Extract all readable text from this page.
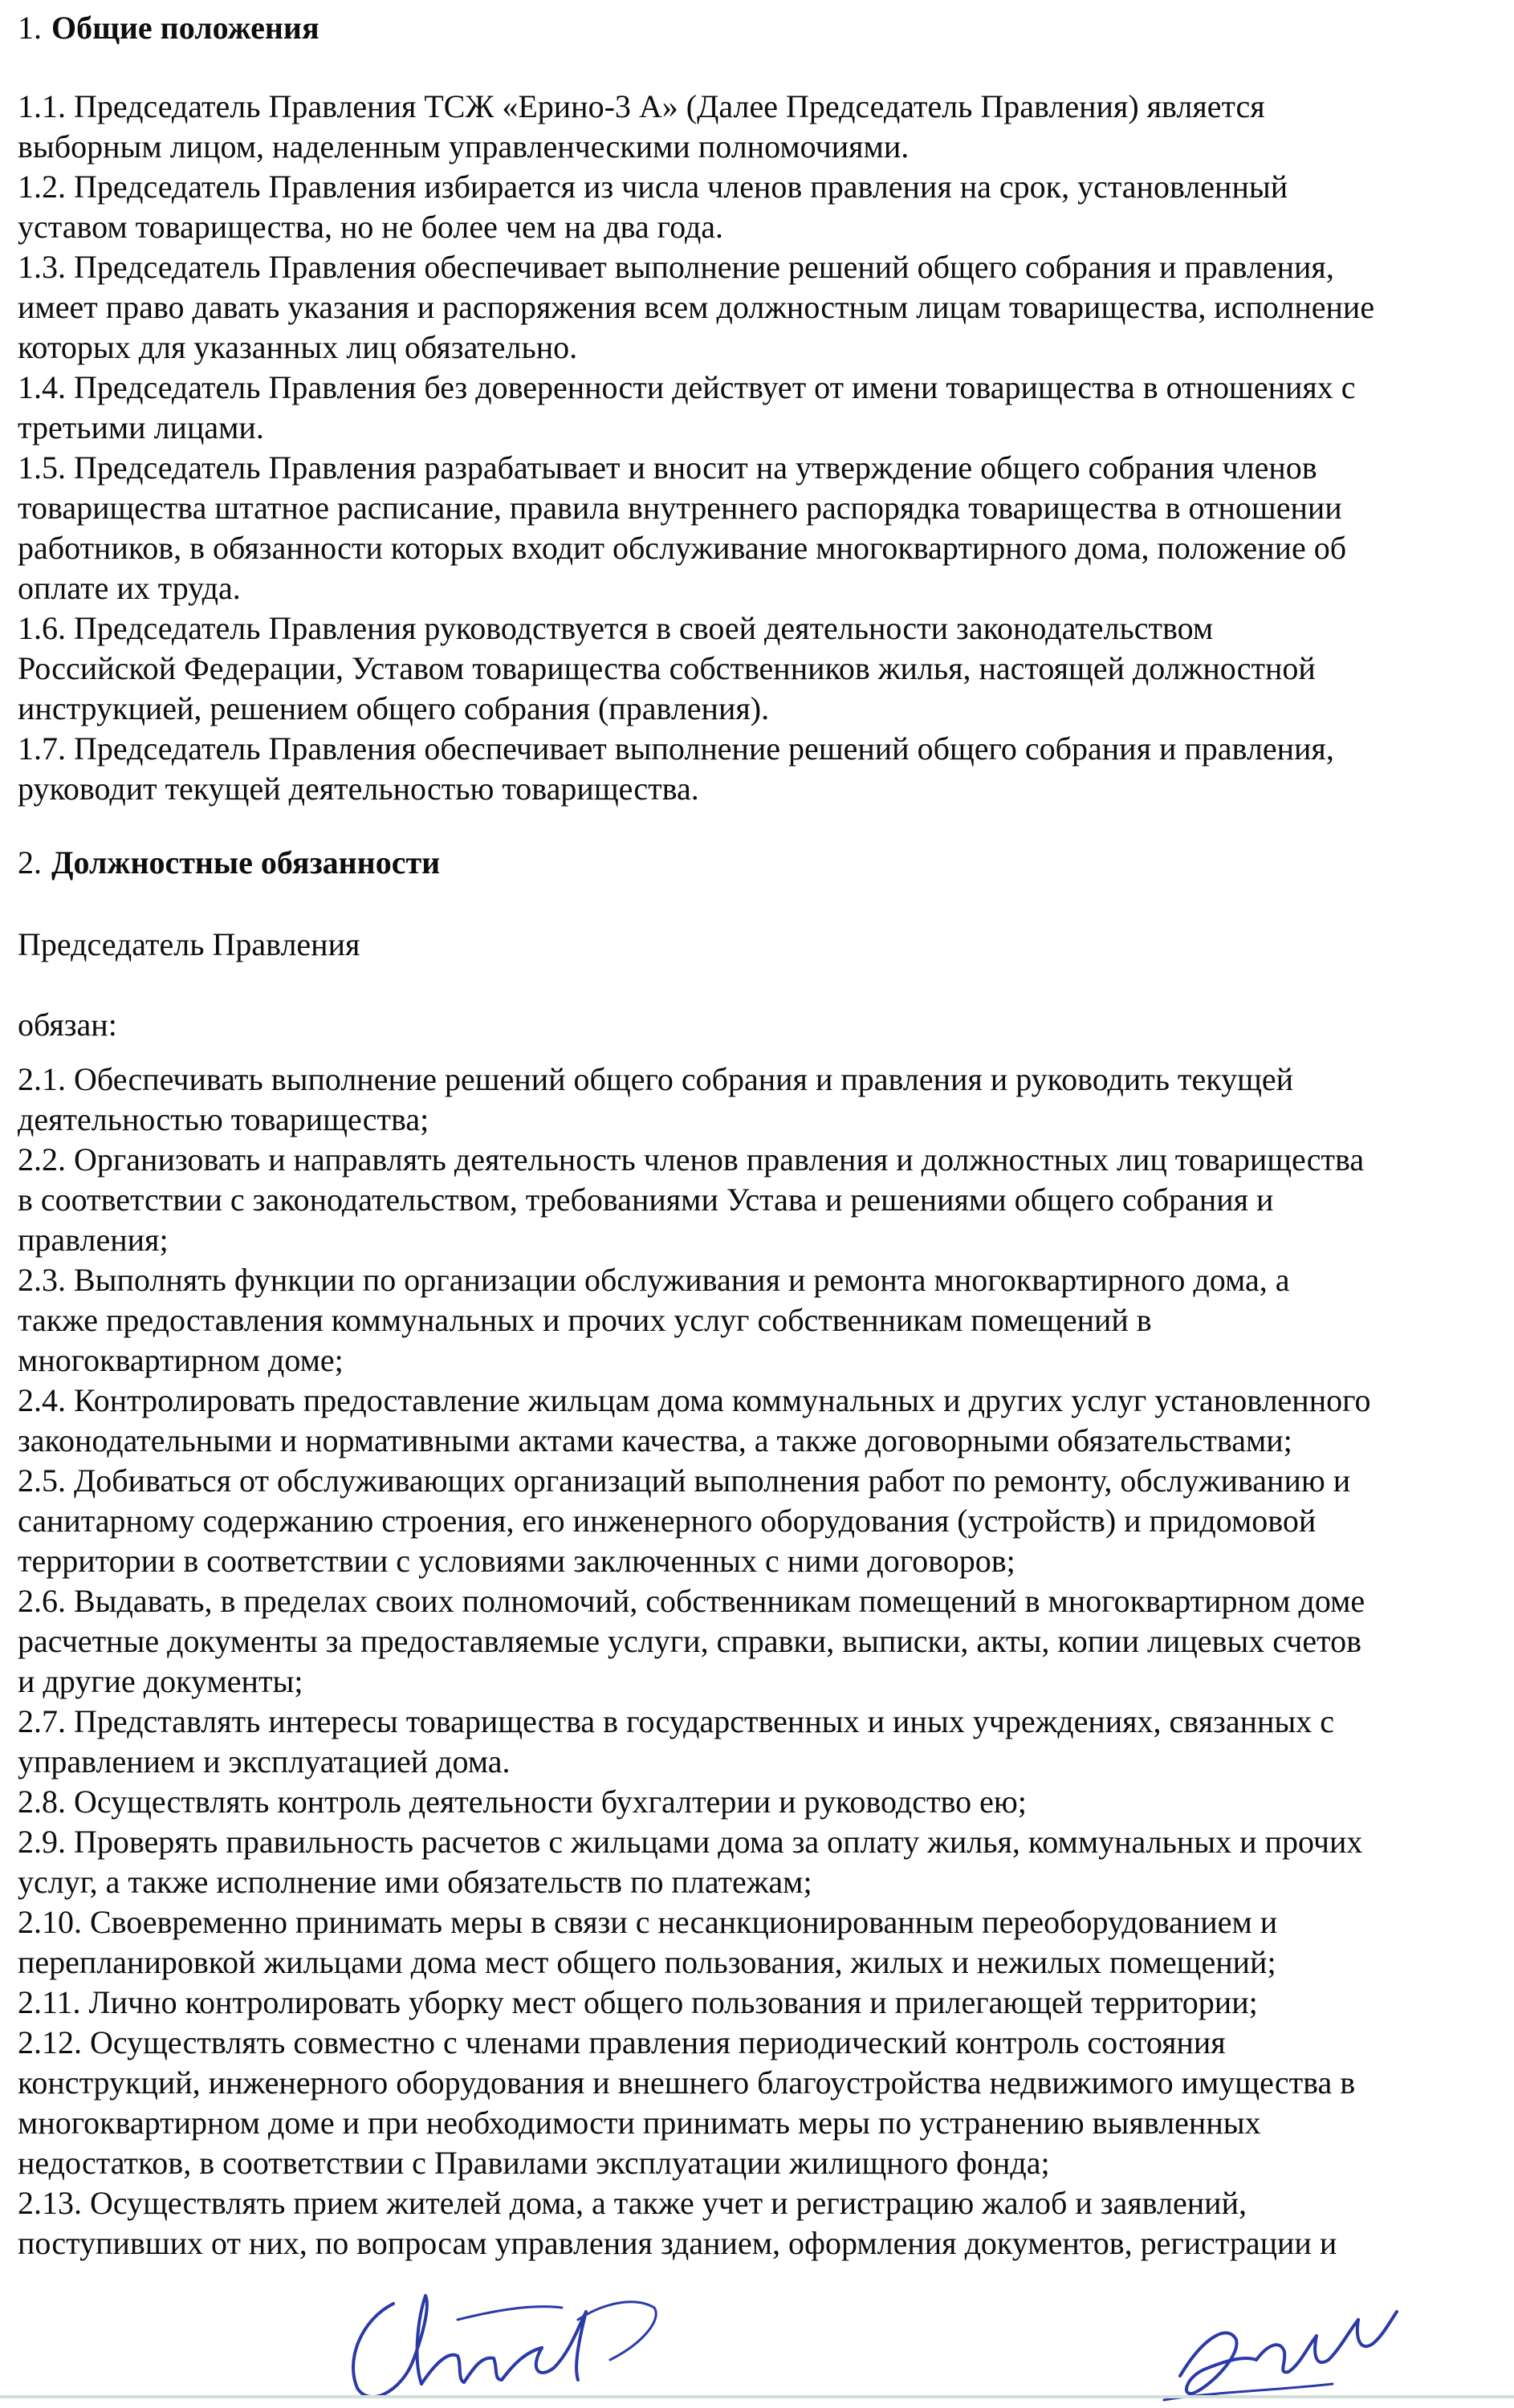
1. Общие положения
1.1. Председатель Правления ТСЖ «Ерино-3 А» (Далее Председатель Правления) является
выборным лицом, наделенным управленческими полномочиями.
1.2. Председатель Правления избирается из числа членов правления на срок, установленный
уставом товарищества, но не более чем на два года.
1.3. Председатель Правления обеспечивает выполнение решений общего собрания и правления,
имеет право давать указания и распоряжения всем должностным лицам товарищества, исполнение
которых для указанных лиц обязательно.
1.4. Председатель Правления без доверенности действует от имени товарищества в отношениях с
третьими лицами.
1.5. Председатель Правления разрабатывает и вносит на утверждение общего собрания членов
товарищества штатное расписание, правила внутреннего распорядка товарищества в отношении
работников, в обязанности которых входит обслуживание многоквартирного дома, положение об
оплате их труда.
1.6. Председатель Правления руководствуется в своей деятельности законодательством
Российской Федерации, Уставом товарищества собственников жилья, настоящей должностной
инструкцией, решением общего собрания (правления).
1.7. Председатель Правления обеспечивает выполнение решений общего собрания и правления,
руководит текущей деятельностью товарищества.
2. Должностные обязанности
Председатель Правления
обязан:
2.1. Обеспечивать выполнение решений общего собрания и правления и руководить текущей
деятельностью товарищества;
2.2. Организовать и направлять деятельность членов правления и должностных лиц товарищества
в соответствии с законодательством, требованиями Устава и решениями общего собрания и
правления;
2.3. Выполнять функции по организации обслуживания и ремонта многоквартирного дома, а
также предоставления коммунальных и прочих услуг собственникам помещений в
многоквартирном доме;
2.4. Контролировать предоставление жильцам дома коммунальных и других услуг установленного
законодательными и нормативными актами качества, а также договорными обязательствами;
2.5. Добиваться от обслуживающих организаций выполнения работ по ремонту, обслуживанию и
санитарному содержанию строения, его инженерного оборудования (устройств) и придомовой
территории в соответствии с условиями заключенных с ними договоров;
2.6. Выдавать, в пределах своих полномочий, собственникам помещений в многоквартирном доме
расчетные документы за предоставляемые услуги, справки, выписки, акты, копии лицевых счетов
и другие документы;
2.7. Представлять интересы товарищества в государственных и иных учреждениях, связанных с
управлением и эксплуатацией дома.
2.8. Осуществлять контроль деятельности бухгалтерии и руководство ею;
2.9. Проверять правильность расчетов с жильцами дома за оплату жилья, коммунальных и прочих
услуг, а также исполнение ими обязательств по платежам;
2.10. Своевременно принимать меры в связи с несанкционированным переоборудованием и
перепланировкой жильцами дома мест общего пользования, жилых и нежилых помещений;
2.11. Лично контролировать уборку мест общего пользования и прилегающей территории;
2.12. Осуществлять совместно с членами правления периодический контроль состояния
конструкций, инженерного оборудования и внешнего благоустройства недвижимого имущества в
многоквартирном доме и при необходимости принимать меры по устранению выявленных
недостатков, в соответствии с Правилами эксплуатации жилищного фонда;
2.13. Осуществлять прием жителей дома, а также учет и регистрацию жалоб и заявлений,
поступивших от них, по вопросам управления зданием, оформления документов, регистрации и
